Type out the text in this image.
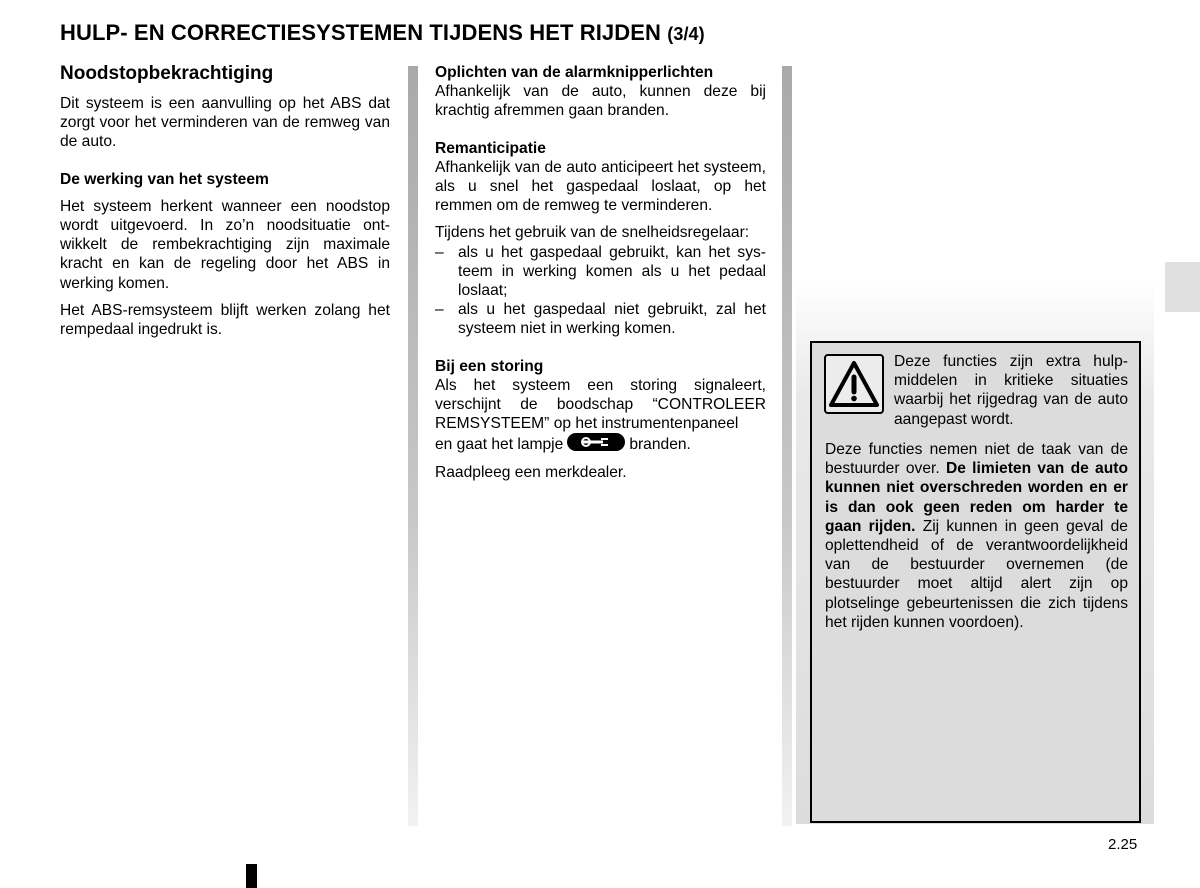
HULP- EN CORRECTIESYSTEMEN TIJDENS HET RIJDEN (3/4)
Noodstopbekrachtiging

Dit systeem is een aanvulling op het ABS dat zorgt voor het verminderen van de remweg van de auto.

De werking van het systeem

Het systeem herkent wanneer een noodstop wordt uitgevoerd. In zo’n noodsituatie ontwikkelt de rembekrachtiging zijn maximale kracht en kan de regeling door het ABS in werking komen.

Het ABS-remsysteem blijft werken zolang het rempedaal ingedrukt is.

Oplichten van de alarmknipperlichten

Afhankelijk van de auto, kunnen deze bij krachtig afremmen gaan branden.

Remanticipatie

Afhankelijk van de auto anticipeert het systeem, als u snel het gaspedaal loslaat, op het remmen om de remweg te verminderen.

Tijdens het gebruik van de snelheidsregelaar:

– als u het gaspedaal gebruikt, kan het systeem in werking komen als u het pedaal loslaat;
– als u het gaspedaal niet gebruikt, zal het systeem niet in werking komen.
Bij een storing

Als het systeem een storing signaleert, verschijnt de boodschap “CONTROLEER REMSYSTEEM” op het instrumentenpaneel

en gaat het lampje	branden.

Raadpleeg een merkdealer.

Deze functies zijn extra hulpmiddelen in kritieke situaties waarbij het rijgedrag van de auto aangepast wordt.
Deze functies nemen niet de taak van de bestuurder over. De limieten van de auto kunnen niet overschreden worden en er is dan ook geen reden om harder te gaan rijden. Zij kunnen in geen geval de oplettendheid of de verantwoordelijkheid van de bestuurder overnemen (de bestuurder moet altijd alert zijn op plotselinge gebeurtenissen die zich tijdens het rijden kunnen voordoen).
2.25
